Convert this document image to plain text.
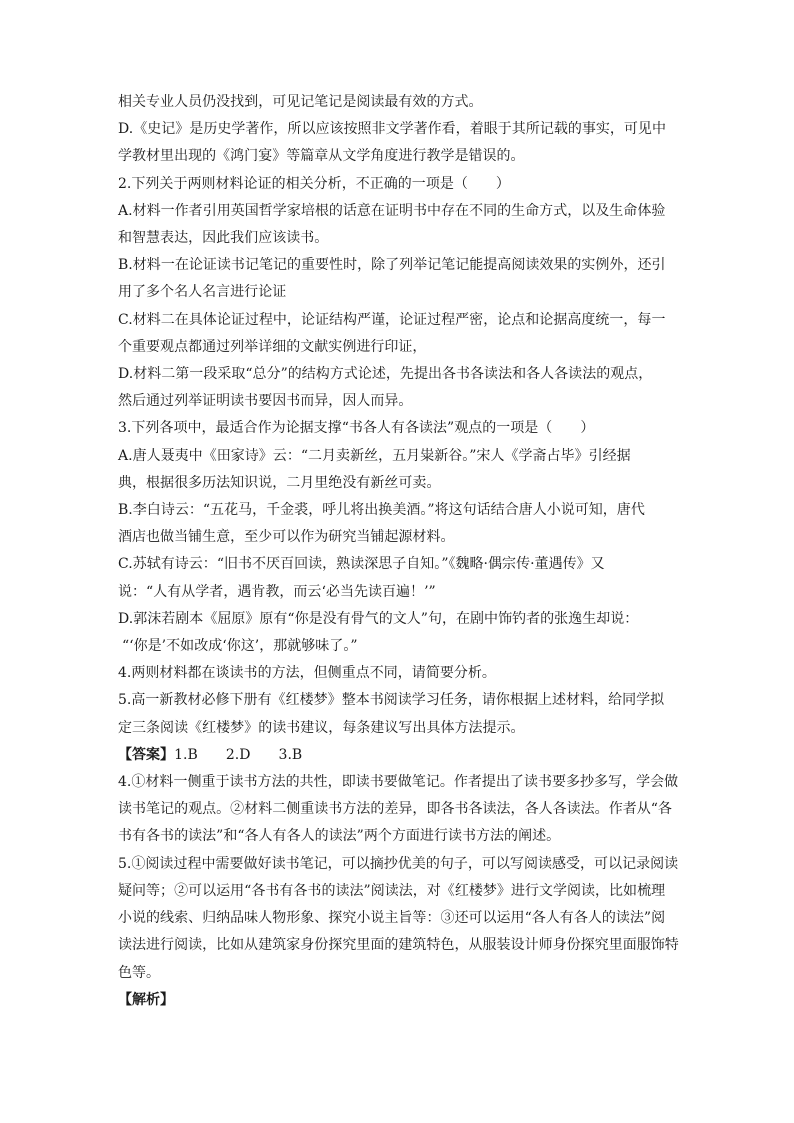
相关专业人员仍没找到，可见记笔记是阅读最有效的方式。
D.《史记》是历史学著作，所以应该按照非文学著作看，着眼于其所记载的事实，可见中
学教材里出现的《鸿门宴》等篇章从文学角度进行教学是错误的。
2.下列关于两则材料论证的相关分析，不正确的一项是（　　）
A.材料一作者引用英国哲学家培根的话意在证明书中存在不同的生命方式，以及生命体验
和智慧表达，因此我们应该读书。
B.材料一在论证读书记笔记的重要性时，除了列举记笔记能提高阅读效果的实例外，还引
用了多个名人名言进行论证
C.材料二在具体论证过程中，论证结构严谨，论证过程严密，论点和论据高度统一，每一
个重要观点都通过列举详细的文献实例进行印证，
D.材料二第一段采取“总分”的结构方式论述，先提出各书各读法和各人各读法的观点，
然后通过列举证明读书要因书而异，因人而异。
3.下列各项中，最适合作为论据支撑“书各人有各读法”观点的一项是（　　）
A.唐人聂夷中《田家诗》云：“二月卖新丝，五月粜新谷。”宋人《学斋占毕》引经据
典，根据很多历法知识说，二月里绝没有新丝可卖。
B.李白诗云：“五花马，千金裘，呼儿将出换美酒。”将这句话结合唐人小说可知，唐代
酒店也做当铺生意，至少可以作为研究当铺起源材料。
C.苏轼有诗云：“旧书不厌百回读，熟读深思子自知。”《魏略·偶宗传·董遇传》又
说：“人有从学者，遇肯教，而云‘必当先读百遍！’”
D.郭沫若剧本《屈原》原有“你是没有骨气的文人”句，在剧中饰钓者的张逸生却说：
“‘你是’不如改成‘你这’，那就够味了。”
4.两则材料都在谈读书的方法，但侧重点不同，请简要分析。
5.高一新教材必修下册有《红楼梦》整本书阅读学习任务，请你根据上述材料，给同学拟
定三条阅读《红楼梦》的读书建议，每条建议写出具体方法提示。
【答案】1.B　　2.D　　3.B
4.①材料一侧重于读书方法的共性，即读书要做笔记。作者提出了读书要多抄多写，学会做
读书笔记的观点。②材料二侧重读书方法的差异，即各书各读法，各人各读法。作者从“各
书有各书的读法”和“各人有各人的读法”两个方面进行读书方法的阐述。
5.①阅读过程中需要做好读书笔记，可以摘抄优美的句子，可以写阅读感受，可以记录阅读
疑问等；②可以运用“各书有各书的读法”阅读法，对《红楼梦》进行文学阅读，比如梳理
小说的线索、归纳品味人物形象、探究小说主旨等：③还可以运用“各人有各人的读法”阅
读法进行阅读，比如从建筑家身份探究里面的建筑特色，从服装设计师身份探究里面服饰特
色等。
【解析】
